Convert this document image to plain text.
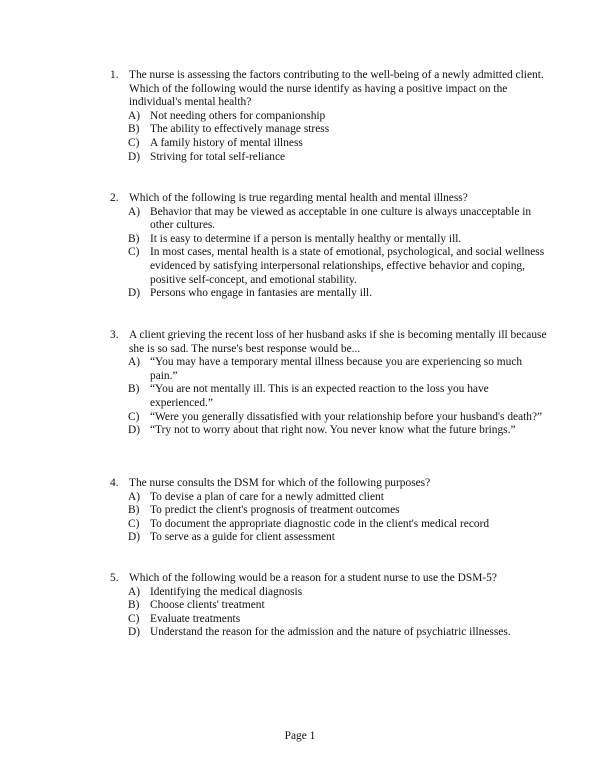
1. The nurse is assessing the factors contributing to the well-being of a newly admitted client. Which of the following would the nurse identify as having a positive impact on the individual's mental health?
A) Not needing others for companionship
B) The ability to effectively manage stress
C) A family history of mental illness
D) Striving for total self-reliance
2. Which of the following is true regarding mental health and mental illness?
A) Behavior that may be viewed as acceptable in one culture is always unacceptable in other cultures.
B) It is easy to determine if a person is mentally healthy or mentally ill.
C) In most cases, mental health is a state of emotional, psychological, and social wellness evidenced by satisfying interpersonal relationships, effective behavior and coping, positive self-concept, and emotional stability.
D) Persons who engage in fantasies are mentally ill.
3. A client grieving the recent loss of her husband asks if she is becoming mentally ill because she is so sad. The nurse's best response would be...
A) “You may have a temporary mental illness because you are experiencing so much pain.”
B) “You are not mentally ill. This is an expected reaction to the loss you have experienced.”
C) “Were you generally dissatisfied with your relationship before your husband's death?”
D) “Try not to worry about that right now. You never know what the future brings.”
4. The nurse consults the DSM for which of the following purposes?
A) To devise a plan of care for a newly admitted client
B) To predict the client's prognosis of treatment outcomes
C) To document the appropriate diagnostic code in the client's medical record
D) To serve as a guide for client assessment
5. Which of the following would be a reason for a student nurse to use the DSM-5?
A) Identifying the medical diagnosis
B) Choose clients' treatment
C) Evaluate treatments
D) Understand the reason for the admission and the nature of psychiatric illnesses.
Page 1
